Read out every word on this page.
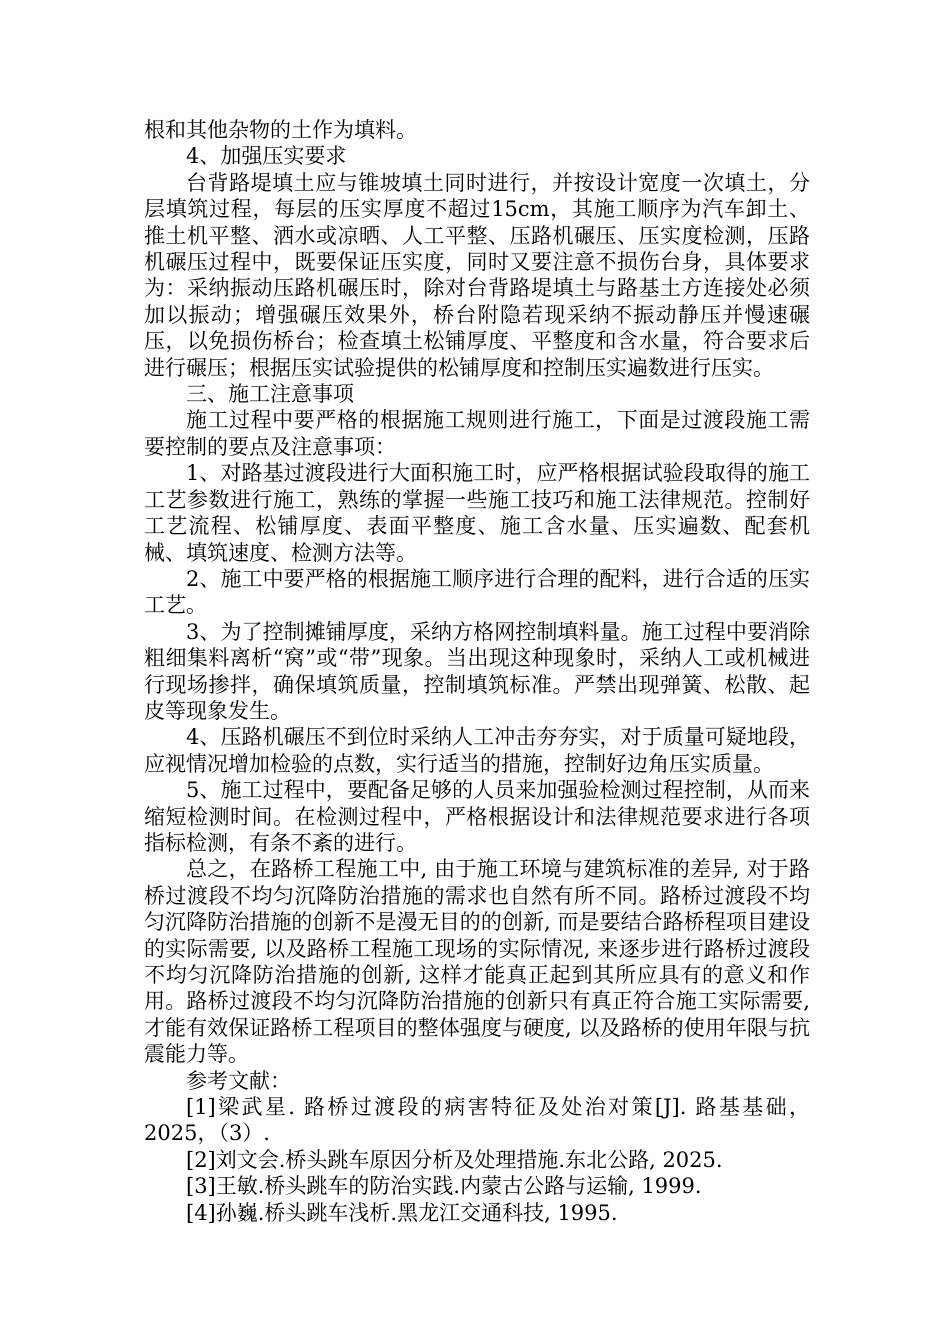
根和其他杂物的土作为填料。

4、加强压实要求

台背路堤填土应与锥坡填土同时进行，并按设计宽度一次填土，分层填筑过程，每层的压实厚度不超过15cm，其施工顺序为汽车卸土、推土机平整、洒水或凉晒、人工平整、压路机碾压、压实度检测，压路机碾压过程中，既要保证压实度，同时又要注意不损伤台身，具体要求为：采纳振动压路机碾压时，除对台背路堤填土与路基土方连接处必须加以振动；增强碾压效果外，桥台附隐若现采纳不振动静压并慢速碾压，以免损伤桥台；检查填土松铺厚度、平整度和含水量，符合要求后进行碾压；根据压实试验提供的松铺厚度和控制压实遍数进行压实。

三、施工注意事项

施工过程中要严格的根据施工规则进行施工，下面是过渡段施工需要控制的要点及注意事项：

1、对路基过渡段进行大面积施工时，应严格根据试验段取得的施工工艺参数进行施工，熟练的掌握一些施工技巧和施工法律规范。控制好工艺流程、松铺厚度、表面平整度、施工含水量、压实遍数、配套机械、填筑速度、检测方法等。

2、施工中要严格的根据施工顺序进行合理的配料，进行合适的压实工艺。

3、为了控制摊铺厚度，采纳方格网控制填料量。施工过程中要消除粗细集料离析“窝”或“带”现象。当出现这种现象时，采纳人工或机械进行现场掺拌，确保填筑质量，控制填筑标准。严禁出现弹簧、松散、起皮等现象发生。

4、压路机碾压不到位时采纳人工冲击夯夯实，对于质量可疑地段，应视情况增加检验的点数，实行适当的措施，控制好边角压实质量。

5、施工过程中，要配备足够的人员来加强验检测过程控制，从而来缩短检测时间。在检测过程中，严格根据设计和法律规范要求进行各项指标检测，有条不紊的进行。

总之，在路桥工程施工中, 由于施工环境与建筑标准的差异, 对于路桥过渡段不均匀沉降防治措施的需求也自然有所不同。路桥过渡段不均匀沉降防治措施的创新不是漫无目的的创新, 而是要结合路桥程项目建设的实际需要, 以及路桥工程施工现场的实际情况, 来逐步进行路桥过渡段不均匀沉降防治措施的创新, 这样才能真正起到其所应具有的意义和作用。路桥过渡段不均匀沉降防治措施的创新只有真正符合施工实际需要, 才能有效保证路桥工程项目的整体强度与硬度, 以及路桥的使用年限与抗震能力等。

参考文献：

[1]梁武星. 路桥过渡段的病害特征及处治对策[J]. 路基基础，2025，（3）.

[2]刘文会.桥头跳车原因分析及处理措施.东北公路, 2025.

[3]王敏.桥头跳车的防治实践.内蒙古公路与运输, 1999.

[4]孙巍.桥头跳车浅析.黑龙江交通科技, 1995.
